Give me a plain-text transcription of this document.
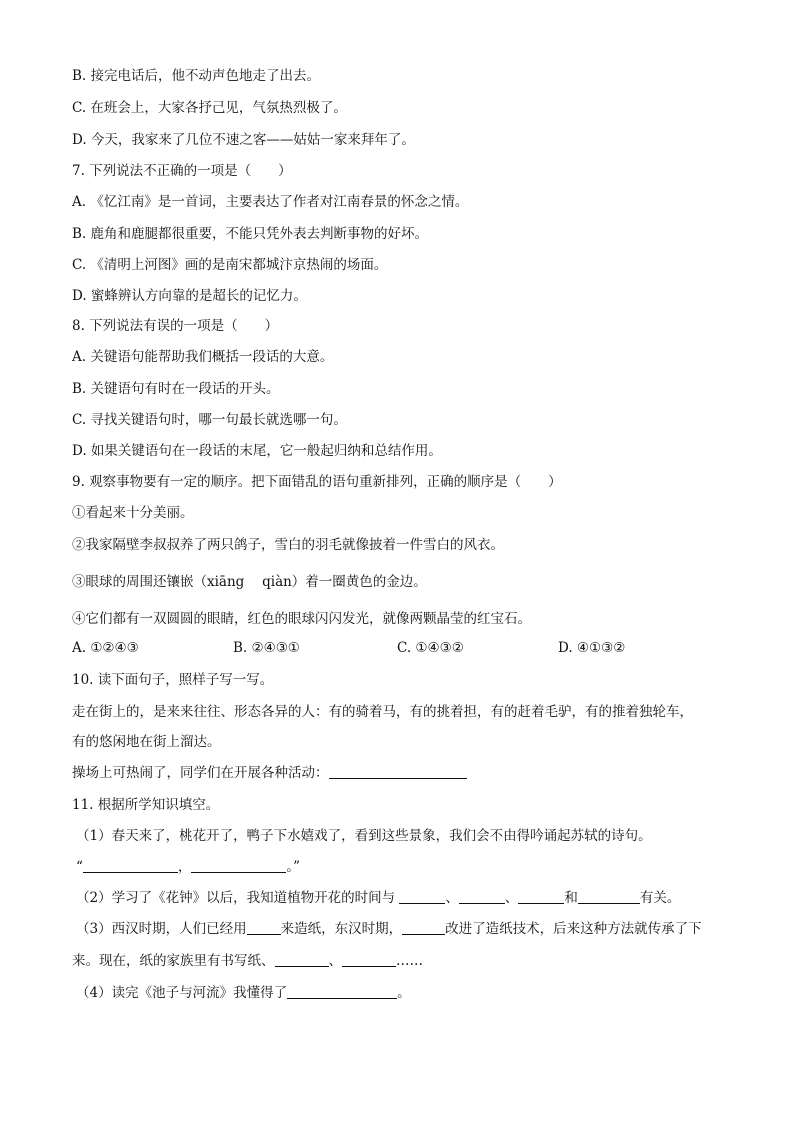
B. 接完电话后，他不动声色地走了出去。
C. 在班会上，大家各抒己见，气氛热烈极了。
D. 今天，我家来了几位不速之客——姑姑一家来拜年了。
7. 下列说法不正确的一项是（　　）
A. 《忆江南》是一首词，主要表达了作者对江南春景的怀念之情。
B. 鹿角和鹿腿都很重要，不能只凭外表去判断事物的好坏。
C. 《清明上河图》画的是南宋都城汴京热闹的场面。
D. 蜜蜂辨认方向靠的是超长的记忆力。
8. 下列说法有误的一项是（　　）
A. 关键语句能帮助我们概括一段话的大意。
B. 关键语句有时在一段话的开头。
C. 寻找关键语句时，哪一句最长就选哪一句。
D. 如果关键语句在一段话的末尾，它一般起归纳和总结作用。
9. 观察事物要有一定的顺序。把下面错乱的语句重新排列，正确的顺序是（　　）
①看起来十分美丽。
②我家隔壁李叔叔养了两只鸽子，雪白的羽毛就像披着一件雪白的风衣。
③眼球的周围还镶嵌（xiāng　 qiàn）着一圈黄色的金边。
④它们都有一双圆圆的眼睛，红色的眼球闪闪发光，就像两颗晶莹的红宝石。
A. ①②④③	B. ②④③①	C. ①④③②	D. ④①③②
10. 读下面句子，照样子写一写。
走在街上的，是来来往往、形态各异的人：有的骑着马，有的挑着担，有的赶着毛驴，有的推着独轮车，
有的悠闲地在街上溜达。
操场上可热闹了，同学们在开展各种活动：
11. 根据所学知识填空。
（1）春天来了，桃花开了，鸭子下水嬉戏了，看到这些景象，我们会不由得吟诵起苏轼的诗句。
“	，	。”
（2）学习了《花钟》以后，我知道植物开花的时间与	、	、	和	有关。
（3）西汉时期，人们已经用	来造纸，东汉时期，	改进了造纸技术，后来这种方法就传承了下
来。现在，纸的家族里有书写纸、	、	……
（4）读完《池子与河流》我懂得了	。
